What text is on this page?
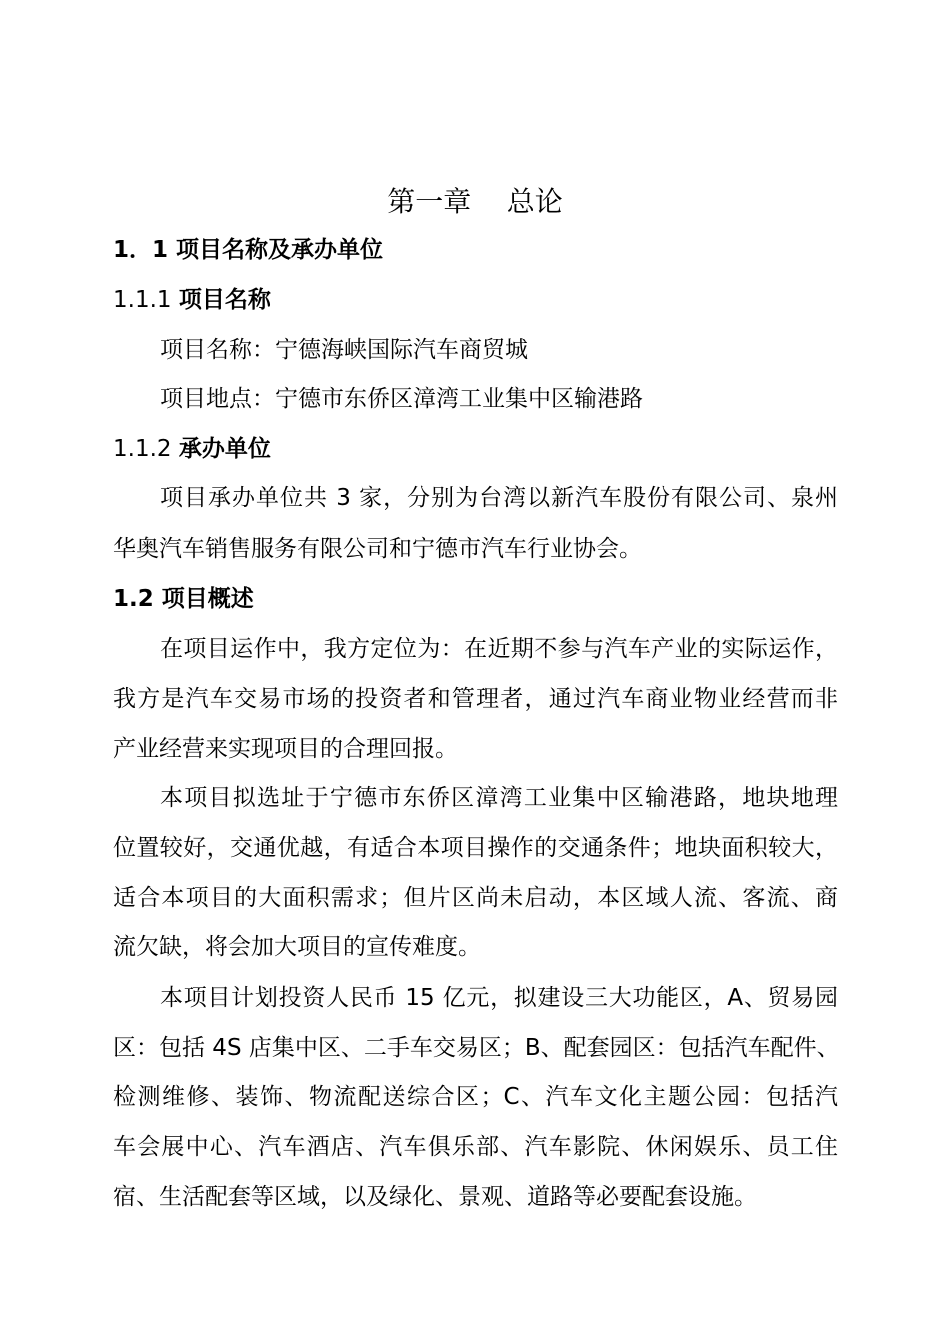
第一章    总论
1．1 项目名称及承办单位
1.1.1 项目名称
项目名称：宁德海峡国际汽车商贸城
项目地点：宁德市东侨区漳湾工业集中区输港路
1.1.2 承办单位
项目承办单位共 3 家，分别为台湾以新汽车股份有限公司、泉州
华奥汽车销售服务有限公司和宁德市汽车行业协会。
1.2 项目概述
在项目运作中，我方定位为：在近期不参与汽车产业的实际运作，
我方是汽车交易市场的投资者和管理者，通过汽车商业物业经营而非
产业经营来实现项目的合理回报。
本项目拟选址于宁德市东侨区漳湾工业集中区输港路，地块地理
位置较好，交通优越，有适合本项目操作的交通条件；地块面积较大，
适合本项目的大面积需求；但片区尚未启动，本区域人流、客流、商
流欠缺，将会加大项目的宣传难度。
本项目计划投资人民币 15 亿元，拟建设三大功能区，A、贸易园
区：包括 4S 店集中区、二手车交易区；B、配套园区：包括汽车配件、
检测维修、装饰、物流配送综合区；C、汽车文化主题公园：包括汽
车会展中心、汽车酒店、汽车俱乐部、汽车影院、休闲娱乐、员工住
宿、生活配套等区域，以及绿化、景观、道路等必要配套设施。
